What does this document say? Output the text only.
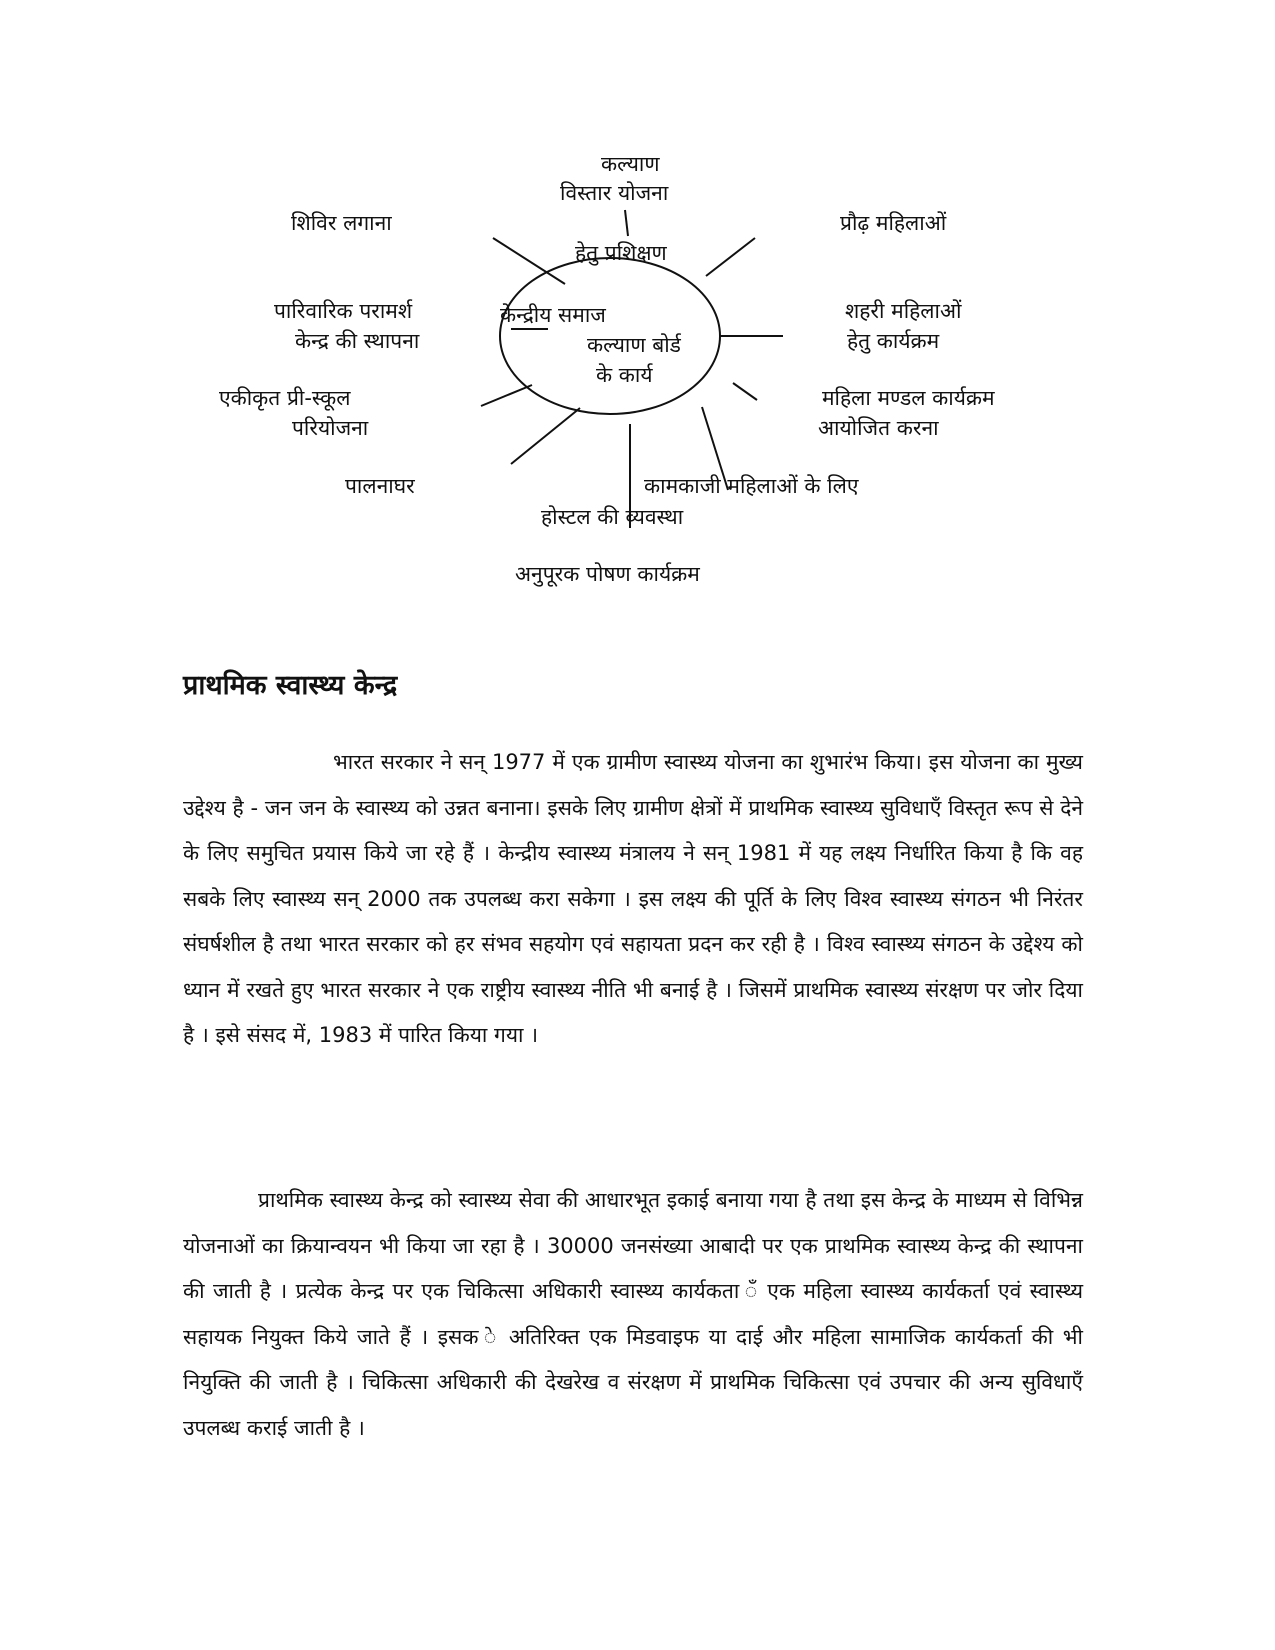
केन्द्रीय समाज
कल्याण बोर्ड
के कार्य
कल्याण
विस्तार योजना
हेतु प्रशिक्षण
प्रौढ़ महिलाओं
शहरी महिलाओं
हेतु कार्यक्रम
महिला मण्डल कार्यक्रम
आयोजित करना
कामकाजी महिलाओं के लिए
होस्टल की व्यवस्था
अनुपूरक पोषण कार्यक्रम
शिविर लगाना
पारिवारिक परामर्श
केन्द्र की स्थापना
एकीकृत प्री-स्कूल
परियोजना
पालनाघर
प्राथमिक स्वास्थ्य केन्द्र

भारत सरकार ने सन् 1977 में एक ग्रामीण स्वास्थ्य योजना का शुभारंभ किया। इस योजना का मुख्य उद्देश्य है - जन जन के स्वास्थ्य को उन्नत बनाना। इसके लिए ग्रामीण क्षेत्रों में प्राथमिक स्वास्थ्य सुविधाएँ विस्तृत रूप से देने के लिए समुचित प्रयास किये जा रहे हैं । केन्द्रीय स्वास्थ्य मंत्रालय ने सन् 1981 में यह लक्ष्य निर्धारित किया है कि वह सबके लिए स्वास्थ्य सन् 2000 तक उपलब्ध करा सकेगा । इस लक्ष्य की पूर्ति के लिए विश्व स्वास्थ्य संगठन भी निरंतर संघर्षशील है तथा भारत सरकार को हर संभव सहयोग एवं सहायता प्रदन कर रही है । विश्व स्वास्थ्य संगठन के उद्देश्य को ध्यान में रखते हुए भारत सरकार ने एक राष्ट्रीय स्वास्थ्य नीति भी बनाई है । जिसमें प्राथमिक स्वास्थ्य संरक्षण पर जोर दिया है । इसे संसद में, 1983 में पारित किया गया ।

प्राथमिक स्वास्थ्य केन्द्र को स्वास्थ्य सेवा की आधारभूत इकाई बनाया गया है तथा इस केन्द्र के माध्यम से विभिन्न योजनाओं का क्रियान्वयन भी किया जा रहा है । 30000 जनसंख्या आबादी पर एक प्राथमिक स्वास्थ्य केन्द्र की स्थापना की जाती है । प्रत्येक केन्द्र पर एक चिकित्सा अधिकारी स्वास्थ्य कार्यकता ँ एक महिला स्वास्थ्य कार्यकर्ता एवं स्वास्थ्य सहायक नियुक्त किये जाते हैं । इसक े अतिरिक्त एक मिडवाइफ या दाई और महिला सामाजिक कार्यकर्ता की भी नियुक्ति की जाती है । चिकित्सा अधिकारी की देखरेख व संरक्षण में प्राथमिक चिकित्सा एवं उपचार की अन्य सुविधाएँ उपलब्ध कराई जाती है ।
